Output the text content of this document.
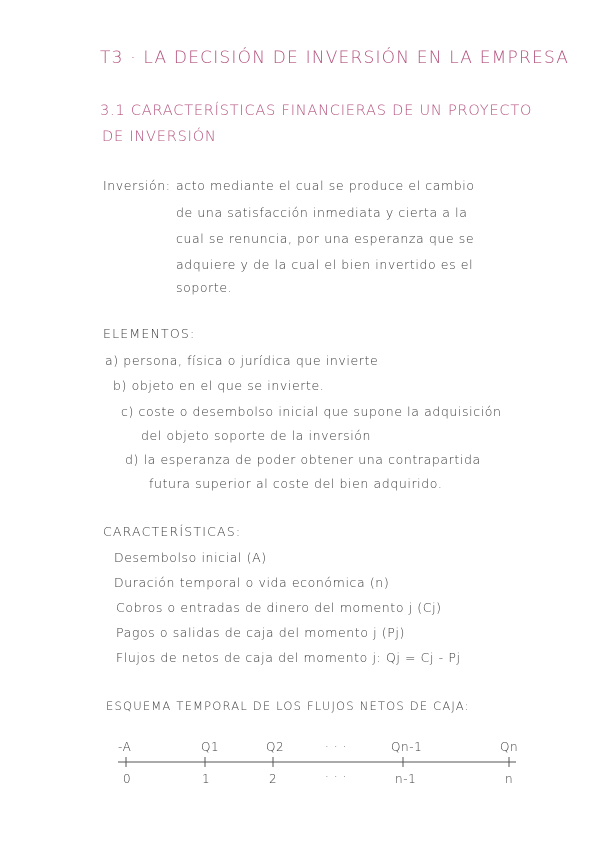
T3 · LA DECISIÓN DE INVERSIÓN EN LA EMPRESA
3.1 CARACTERÍSTICAS FINANCIERAS DE UN PROYECTO
DE INVERSIÓN
Inversión: acto mediante el cual se produce el cambio
de una satisfacción inmediata y cierta a la
cual se renuncia, por una esperanza que se
adquiere y de la cual el bien invertido es el
soporte.
ELEMENTOS:
a) persona, física o jurídica que invierte
b) objeto en el que se invierte.
c) coste o desembolso inicial que supone la adquisición
del objeto soporte de la inversión
d) la esperanza de poder obtener una contrapartida
futura superior al coste del bien adquirido.
CARACTERÍSTICAS:
Desembolso inicial (A)
Duración temporal o vida económica (n)
Cobros o entradas de dinero del momento j (Cj)
Pagos o salidas de caja del momento j (Pj)
Flujos de netos de caja del momento j: Qj = Cj - Pj
ESQUEMA TEMPORAL DE LOS FLUJOS NETOS DE CAJA:
-A	Q1	Q2	· · ·	Qn-1	Qn
0	1	2	· · ·	n-1	n
